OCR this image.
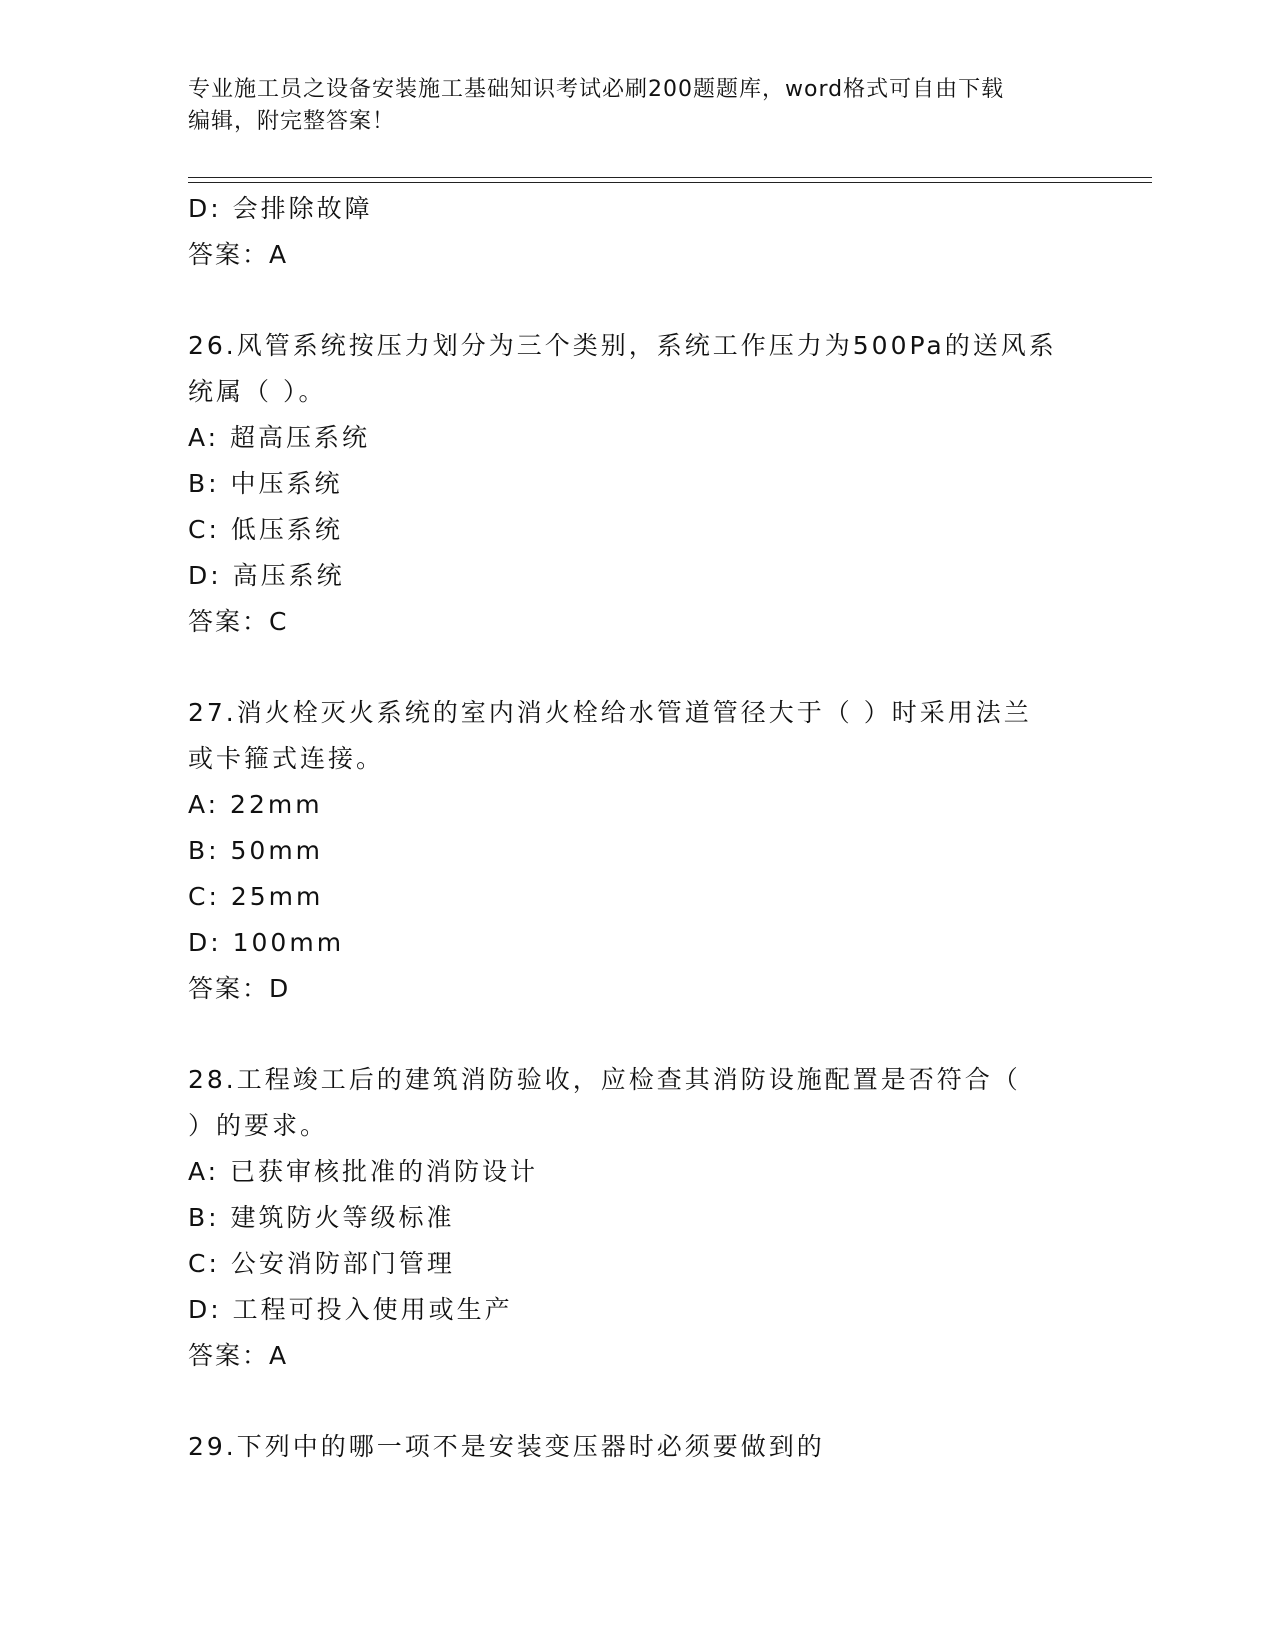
专业施工员之设备安装施工基础知识考试必刷200题题库，word格式可自由下载
编辑，附完整答案！
D: 会排除故障
答案：A
26.风管系统按压力划分为三个类别，系统工作压力为500Pa的送风系
统属（ ）。
A: 超高压系统
B: 中压系统
C: 低压系统
D: 高压系统
答案：C
27.消火栓灭火系统的室内消火栓给水管道管径大于（ ）时采用法兰
或卡箍式连接。
A: 22mm
B: 50mm
C: 25mm
D: 100mm
答案：D
28.工程竣工后的建筑消防验收，应检查其消防设施配置是否符合（
）的要求。
A: 已获审核批准的消防设计
B: 建筑防火等级标准
C: 公安消防部门管理
D: 工程可投入使用或生产
答案：A
29.下列中的哪一项不是安装变压器时必须要做到的
